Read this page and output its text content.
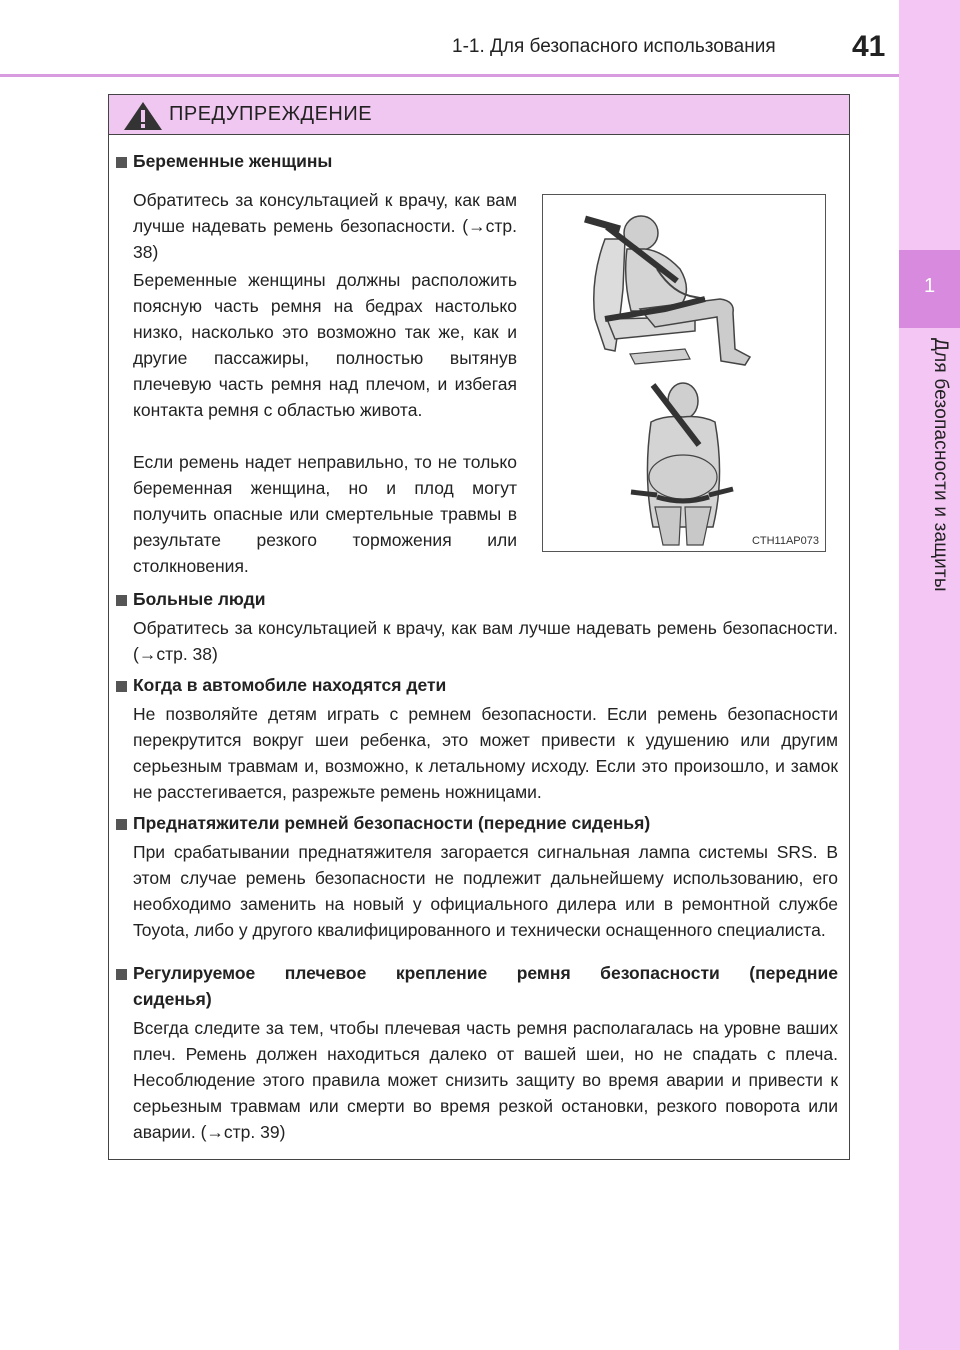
1-1. Для безопасного использования	41
1
Для безопасности и защиты
ПРЕДУПРЕЖДЕНИЕ
Беременные женщины
Обратитесь за консультацией к врачу, как вам лучше надевать ремень безопасности. (→стр. 38)
Беременные женщины должны расположить поясную часть ремня на бедрах настолько низко, насколько это возможно так же, как и другие пассажиры, полностью вытянув плечевую часть ремня над плечом, и избегая контакта ремня с областью живота.
Если ремень надет неправильно, то не только беременная женщина, но и плод могут получить опасные или смертельные травмы в результате резкого торможения или столкновения.
Больные люди
Обратитесь за консультацией к врачу, как вам лучше надевать ремень безопасности. (→стр. 38)
Когда в автомобиле находятся дети
Не позволяйте детям играть с ремнем безопасности. Если ремень безопасности перекрутится вокруг шеи ребенка, это может привести к удушению или другим серьезным травмам и, возможно, к летальному исходу. Если это произошло, и замок не расстегивается, разрежьте ремень ножницами.
Преднатяжители ремней безопасности (передние сиденья)
При срабатывании преднатяжителя загорается сигнальная лампа системы SRS. В этом случае ремень безопасности не подлежит дальнейшему использованию, его необходимо заменить на новый у официального дилера или в ремонтной службе Toyota, либо у другого квалифицированного и технически оснащенного специалиста.
Регулируемое плечевое крепление ремня безопасности (передние
сиденья)
Всегда следите за тем, чтобы плечевая часть ремня располагалась на уровне ваших плеч. Ремень должен находиться далеко от вашей шеи, но не спадать с плеча. Несоблюдение этого правила может снизить защиту во время аварии и привести к серьезным травмам или смерти во время резкой остановки, резкого поворота или аварии. (→стр. 39)
CTH11AP073
